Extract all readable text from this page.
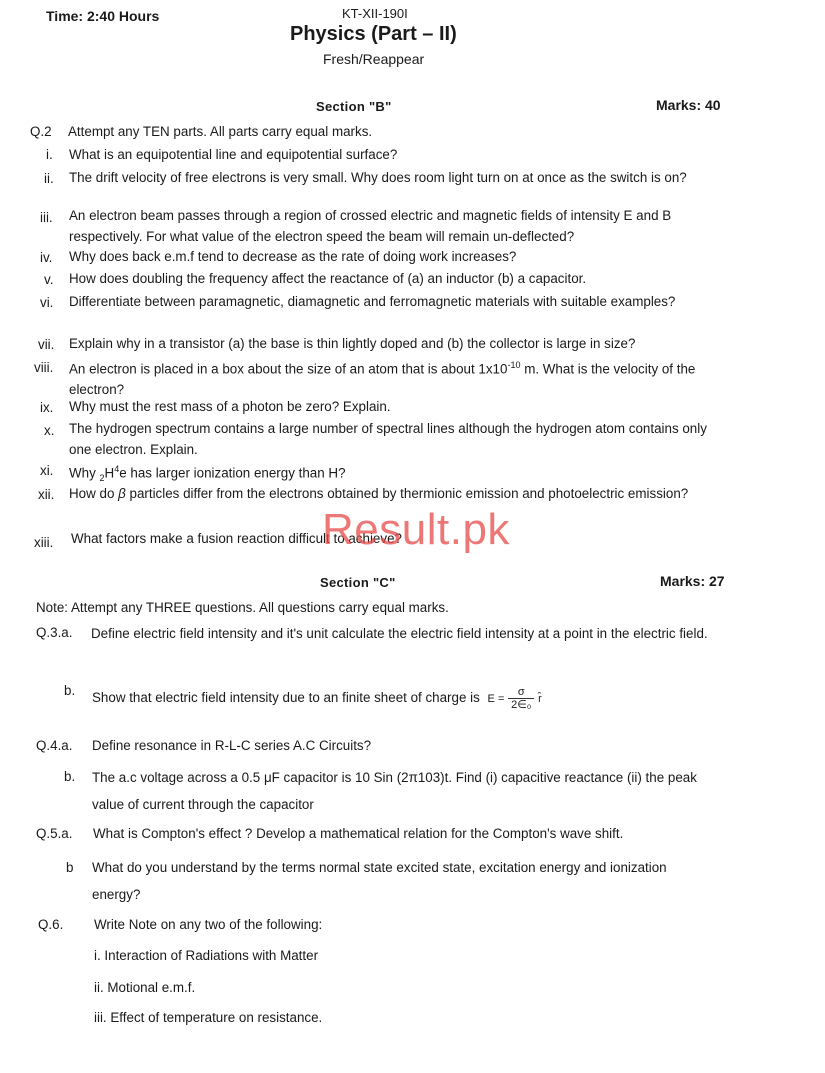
Time: 2:40 Hours	KT-XII-190I
Physics (Part – II)
Fresh/Reappear
Section "B"	Marks: 40
Q.2 Attempt any TEN parts. All parts carry equal marks.
i. What is an equipotential line and equipotential surface?
ii. The drift velocity of free electrons is very small. Why does room light turn on at once as the switch is on?
iii. An electron beam passes through a region of crossed electric and magnetic fields of intensity E and B respectively. For what value of the electron speed the beam will remain un-deflected?
iv. Why does back e.m.f tend to decrease as the rate of doing work increases?
v. How does doubling the frequency affect the reactance of (a) an inductor (b) a capacitor.
vi. Differentiate between paramagnetic, diamagnetic and ferromagnetic materials with suitable examples?
vii. Explain why in a transistor (a) the base is thin lightly doped and (b) the collector is large in size?
viii. An electron is placed in a box about the size of an atom that is about $1x10^{-10}$ m. What is the velocity of the electron?
ix. Why must the rest mass of a photon be zero? Explain.
x. The hydrogen spectrum contains a large number of spectral lines although the hydrogen atom contains only one electron. Explain.
xi. Why $_2H^4e$ has larger ionization energy than H?
xii. How do β particles differ from the electrons obtained by thermionic emission and photoelectric emission?
xiii. What factors make a fusion reaction difficult to achieve?
Result.pk
Section "C"	Marks: 27
Note: Attempt any THREE questions. All questions carry equal marks.
Q.3.a. Define electric field intensity and it's unit calculate the electric field intensity at a point in the electric field.
b. Show that electric field intensity due to an finite sheet of charge is $E = \frac{\sigma}{\text{2∈₀}}$ r̂
Q.4.a. Define resonance in R-L-C series A.C Circuits?
b. The a.c voltage across a 0.5 μF capacitor is 10 Sin (2π103)t. Find (i) capacitive reactance (ii) the peak value of current through the capacitor
Q.5.a. What is Compton's effect ? Develop a mathematical relation for the Compton's wave shift.
b What do you understand by the terms normal state excited state, excitation energy and ionization energy?
Q.6. Write Note on any two of the following:
i. Interaction of Radiations with Matter
ii. Motional e.m.f.
iii. Effect of temperature on resistance.
